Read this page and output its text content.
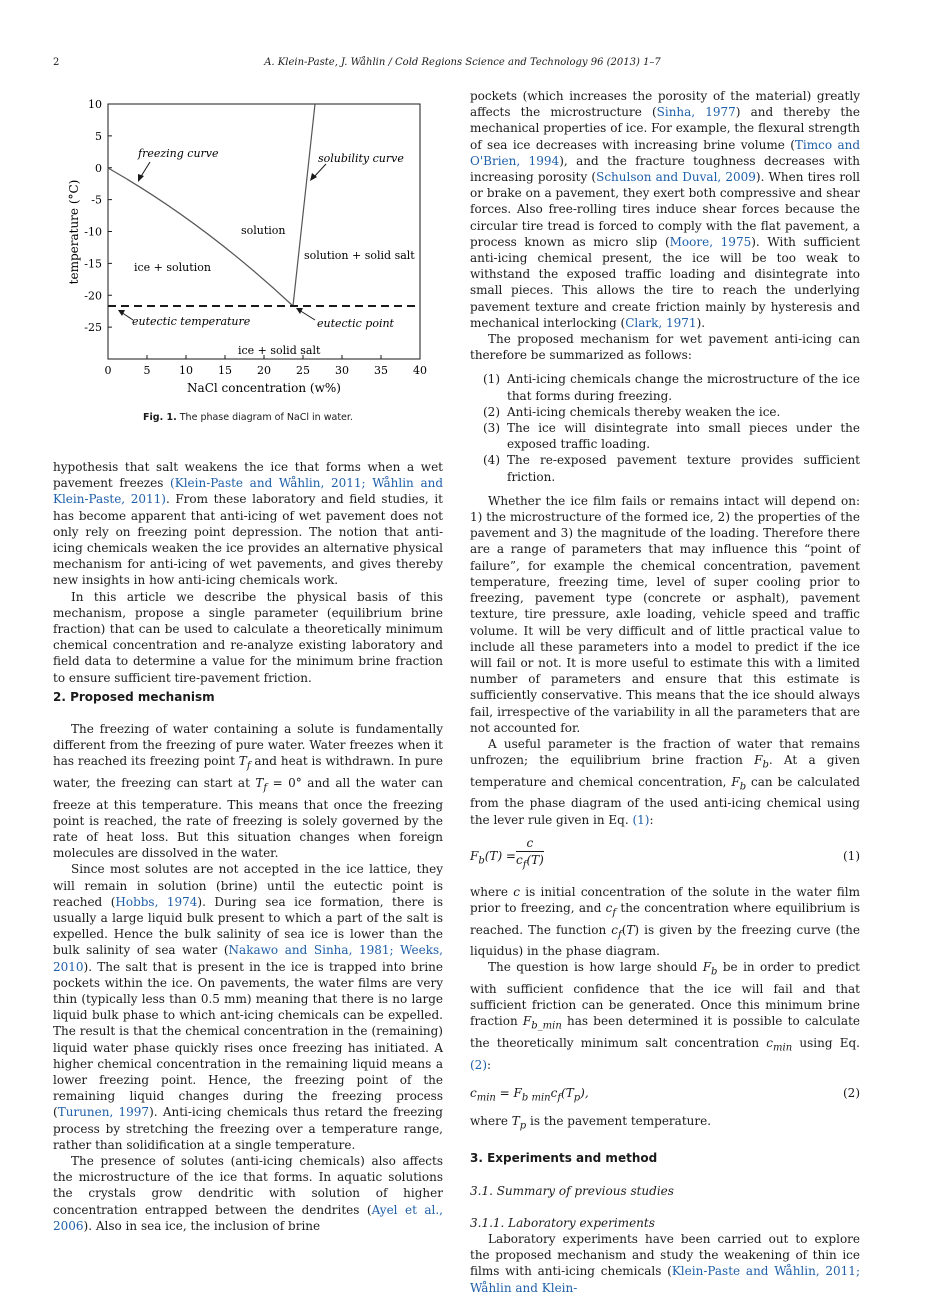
2	A. Klein-Paste, J. Wåhlin / Cold Regions Science and Technology 96 (2013) 1–7
0	5	10 15 20 25 30 35 40
10
5
0
-5
-10
-15
-20
-25
freezing curve	solubility curve
solution
ice + solution
solution + solid salt
eutectic temperature	eutectic point
ice + solid salt
NaCl concentration (w%)
temperature (°C)
Fig. 1. The phase diagram of NaCl in water.

hypothesis that salt weakens the ice that forms when a wet pavement freezes (Klein-Paste and Wåhlin, 2011; Wåhlin and Klein-Paste, 2011). From these laboratory and field studies, it has become apparent that anti-icing of wet pavement does not only rely on freezing point depression. The notion that anti-icing chemicals weaken the ice provides an alternative physical mechanism for anti-icing of wet pavements, and gives thereby new insights in how anti-icing chemicals work.

In this article we describe the physical basis of this mechanism, propose a single parameter (equilibrium brine fraction) that can be used to calculate a theoretically minimum chemical concentration and re-analyze existing laboratory and field data to determine a value for the minimum brine fraction to ensure sufficient tire-pavement friction.

2. Proposed mechanism

The freezing of water containing a solute is fundamentally different from the freezing of pure water. Water freezes when it has reached its freezing point $T_f$ and heat is withdrawn. In pure water, the freezing can start at $T_f = 0^\circ$ and all the water can freeze at this temperature. This means that once the freezing point is reached, the rate of freezing is solely governed by the rate of heat loss. But this situation changes when foreign molecules are dissolved in the water.

Since most solutes are not accepted in the ice lattice, they will remain in solution (brine) until the eutectic point is reached (Hobbs, 1974). During sea ice formation, there is usually a large liquid bulk present to which a part of the salt is expelled. Hence the bulk salinity of sea ice is lower than the bulk salinity of sea water (Nakawo and Sinha, 1981; Weeks, 2010). The salt that is present in the ice is trapped into brine pockets within the ice. On pavements, the water films are very thin (typically less than 0.5 mm) meaning that there is no large liquid bulk phase to which ant-icing chemicals can be expelled. The result is that the chemical concentration in the (remaining) liquid water phase quickly rises once freezing has initiated. A higher chemical concentration in the remaining liquid means a lower freezing point. Hence, the freezing point of the remaining liquid changes during the freezing process (Turunen, 1997). Anti-icing chemicals thus retard the freezing process by stretching the freezing over a temperature range, rather than solidification at a single temperature.

The presence of solutes (anti-icing chemicals) also affects the microstructure of the ice that forms. In aquatic solutions the crystals grow dendritic with solution of higher concentration entrapped between the dendrites (Ayel et al., 2006). Also in sea ice, the inclusion of brine

pockets (which increases the porosity of the material) greatly affects the microstructure (Sinha, 1977) and thereby the mechanical properties of ice. For example, the flexural strength of sea ice decreases with increasing brine volume (Timco and O'Brien, 1994), and the fracture toughness decreases with increasing porosity (Schulson and Duval, 2009). When tires roll or brake on a pavement, they exert both compressive and shear forces. Also free-rolling tires induce shear forces because the circular tire tread is forced to comply with the flat pavement, a process known as micro slip (Moore, 1975). With sufficient anti-icing chemical present, the ice will be too weak to withstand the exposed traffic loading and disintegrate into small pieces. This allows the tire to reach the underlying pavement texture and create friction mainly by hysteresis and mechanical interlocking (Clark, 1971).

The proposed mechanism for wet pavement anti-icing can therefore be summarized as follows:

(1) Anti-icing chemicals change the microstructure of the ice that forms during freezing.
(2) Anti-icing chemicals thereby weaken the ice.
(3) The ice will disintegrate into small pieces under the exposed traffic loading.
(4) The re-exposed pavement texture provides sufficient friction.

Whether the ice film fails or remains intact will depend on: 1) the microstructure of the formed ice, 2) the properties of the pavement and 3) the magnitude of the loading. Therefore there are a range of parameters that may influence this “point of failure”, for example the chemical concentration, pavement temperature, freezing time, level of super cooling prior to freezing, pavement type (concrete or asphalt), pavement texture, tire pressure, axle loading, vehicle speed and traffic volume. It will be very difficult and of little practical value to include all these parameters into a model to predict if the ice will fail or not. It is more useful to estimate this with a limited number of parameters and ensure that this estimate is sufficiently conservative. This means that the ice should always fail, irrespective of the variability in all the parameters that are not accounted for.

A useful parameter is the fraction of water that remains unfrozen; the equilibrium brine fraction $F_b$. At a given temperature and chemical concentration, $F_b$ can be calculated from the phase diagram of the used anti-icing chemical using the lever rule given in Eq. (1):

$F_b(T) = \frac{c}{c_f(T)}$	(1)

where c is initial concentration of the solute in the water film prior to freezing, and $c_f$ the concentration where equilibrium is reached. The function $c_f(T)$ is given by the freezing curve (the liquidus) in the phase diagram.

The question is how large should $F_b$ be in order to predict with sufficient confidence that the ice will fail and that sufficient friction can be generated. Once this minimum brine fraction $F_{b\_min}$ has been determined it is possible to calculate the theoretically minimum salt concentration $c_{min}$ using Eq. (2):

$c_{min} = F_b$ $_{min}c_f(T_p)$,	(2)

where $T_p$ is the pavement temperature.

3. Experiments and method

3.1. Summary of previous studies

3.1.1. Laboratory experiments

Laboratory experiments have been carried out to explore the proposed mechanism and study the weakening of thin ice films with anti-icing chemicals (Klein-Paste and Wåhlin, 2011; Wåhlin and Klein-
